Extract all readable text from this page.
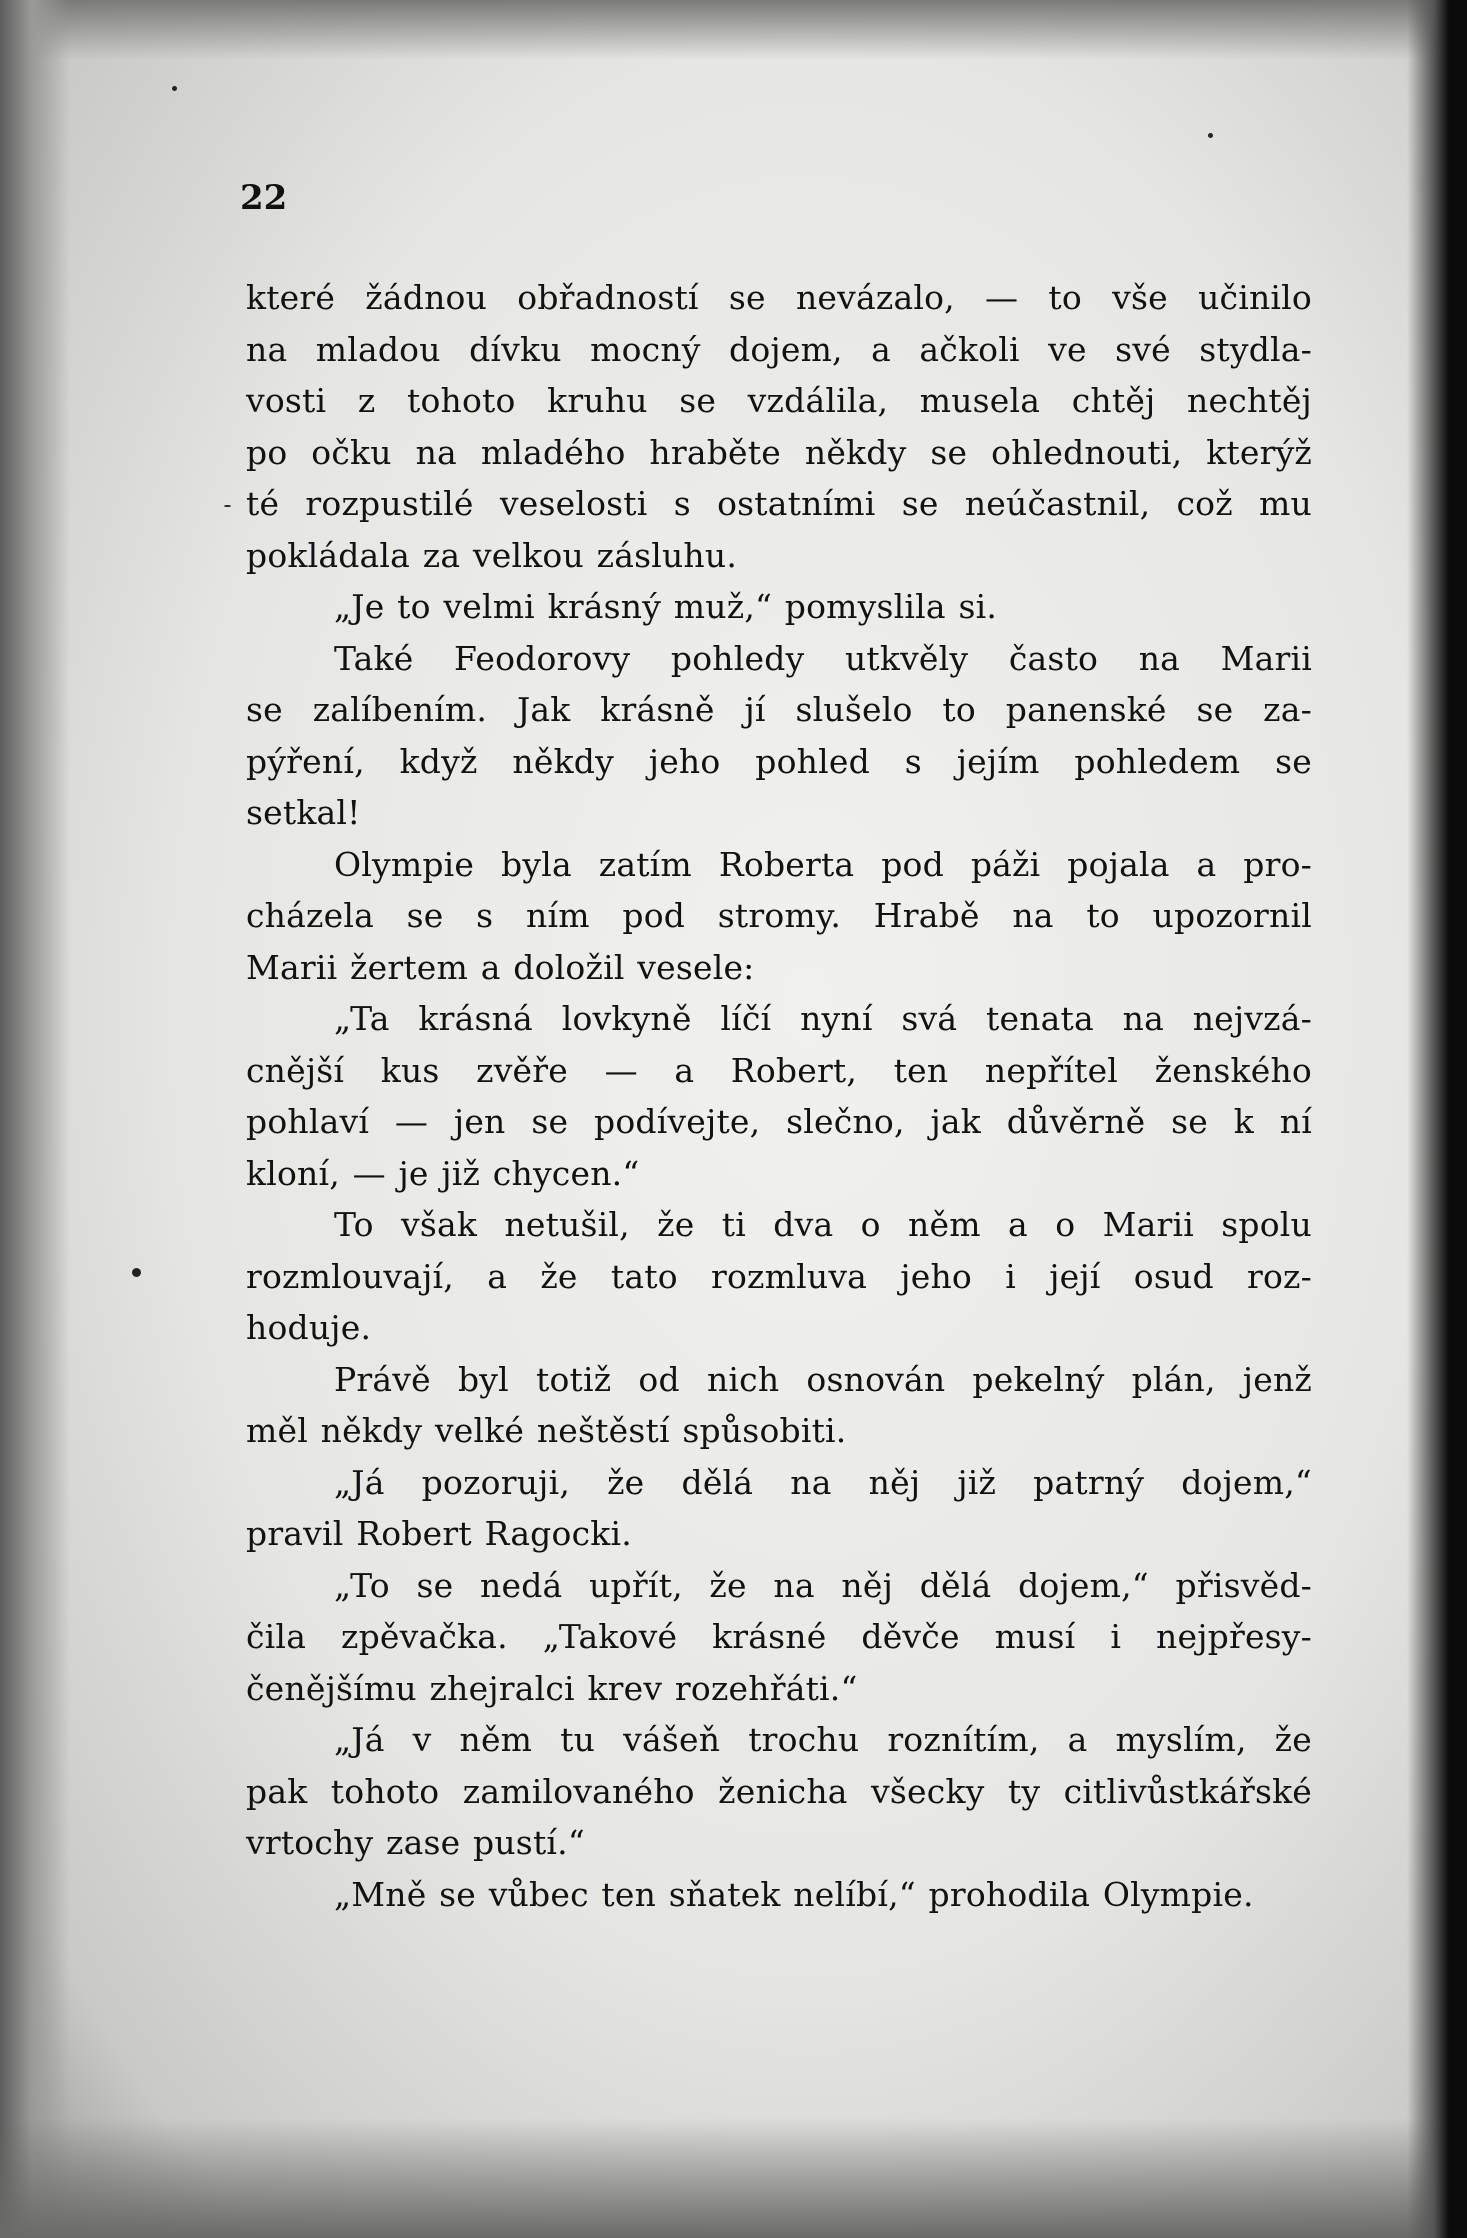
22
které žádnou obřadností se nevázalo, — to vše učinilo
na mladou dívku mocný dojem, a ačkoli ve své stydla-
vosti z tohoto kruhu se vzdálila, musela chtěj nechtěj
po očku na mladého hraběte někdy se ohlednouti, kterýž
té rozpustilé veselosti s ostatními se neúčastnil, což mu
pokládala za velkou zásluhu.
„Je to velmi krásný muž,“ pomyslila si.
Také Feodorovy pohledy utkvěly často na Marii
se zalíbením. Jak krásně jí slušelo to panenské se za-
pýření, když někdy jeho pohled s jejím pohledem se
setkal!
Olympie byla zatím Roberta pod páži pojala a pro-
cházela se s ním pod stromy. Hrabě na to upozornil
Marii žertem a doložil vesele:
„Ta krásná lovkyně líčí nyní svá tenata na nejvzá-
cnější kus zvěře — a Robert, ten nepřítel ženského
pohlaví — jen se podívejte, slečno, jak důvěrně se k ní
kloní, — je již chycen.“
To však netušil, že ti dva o něm a o Marii spolu
rozmlouvají, a že tato rozmluva jeho i její osud roz-
hoduje.
Právě byl totiž od nich osnován pekelný plán, jenž
měl někdy velké neštěstí spůsobiti.
„Já pozoruji, že dělá na něj již patrný dojem,“
pravil Robert Ragocki.
„To se nedá upřít, že na něj dělá dojem,“ přisvěd-
čila zpěvačka. „Takové krásné děvče musí i nejpřesy-
čenějšímu zhejralci krev rozehřáti.“
„Já v něm tu vášeň trochu roznítím, a myslím, že
pak tohoto zamilovaného ženicha všecky ty citlivůstkářské
vrtochy zase pustí.“
„Mně se vůbec ten sňatek nelíbí,“ prohodila Olympie.
